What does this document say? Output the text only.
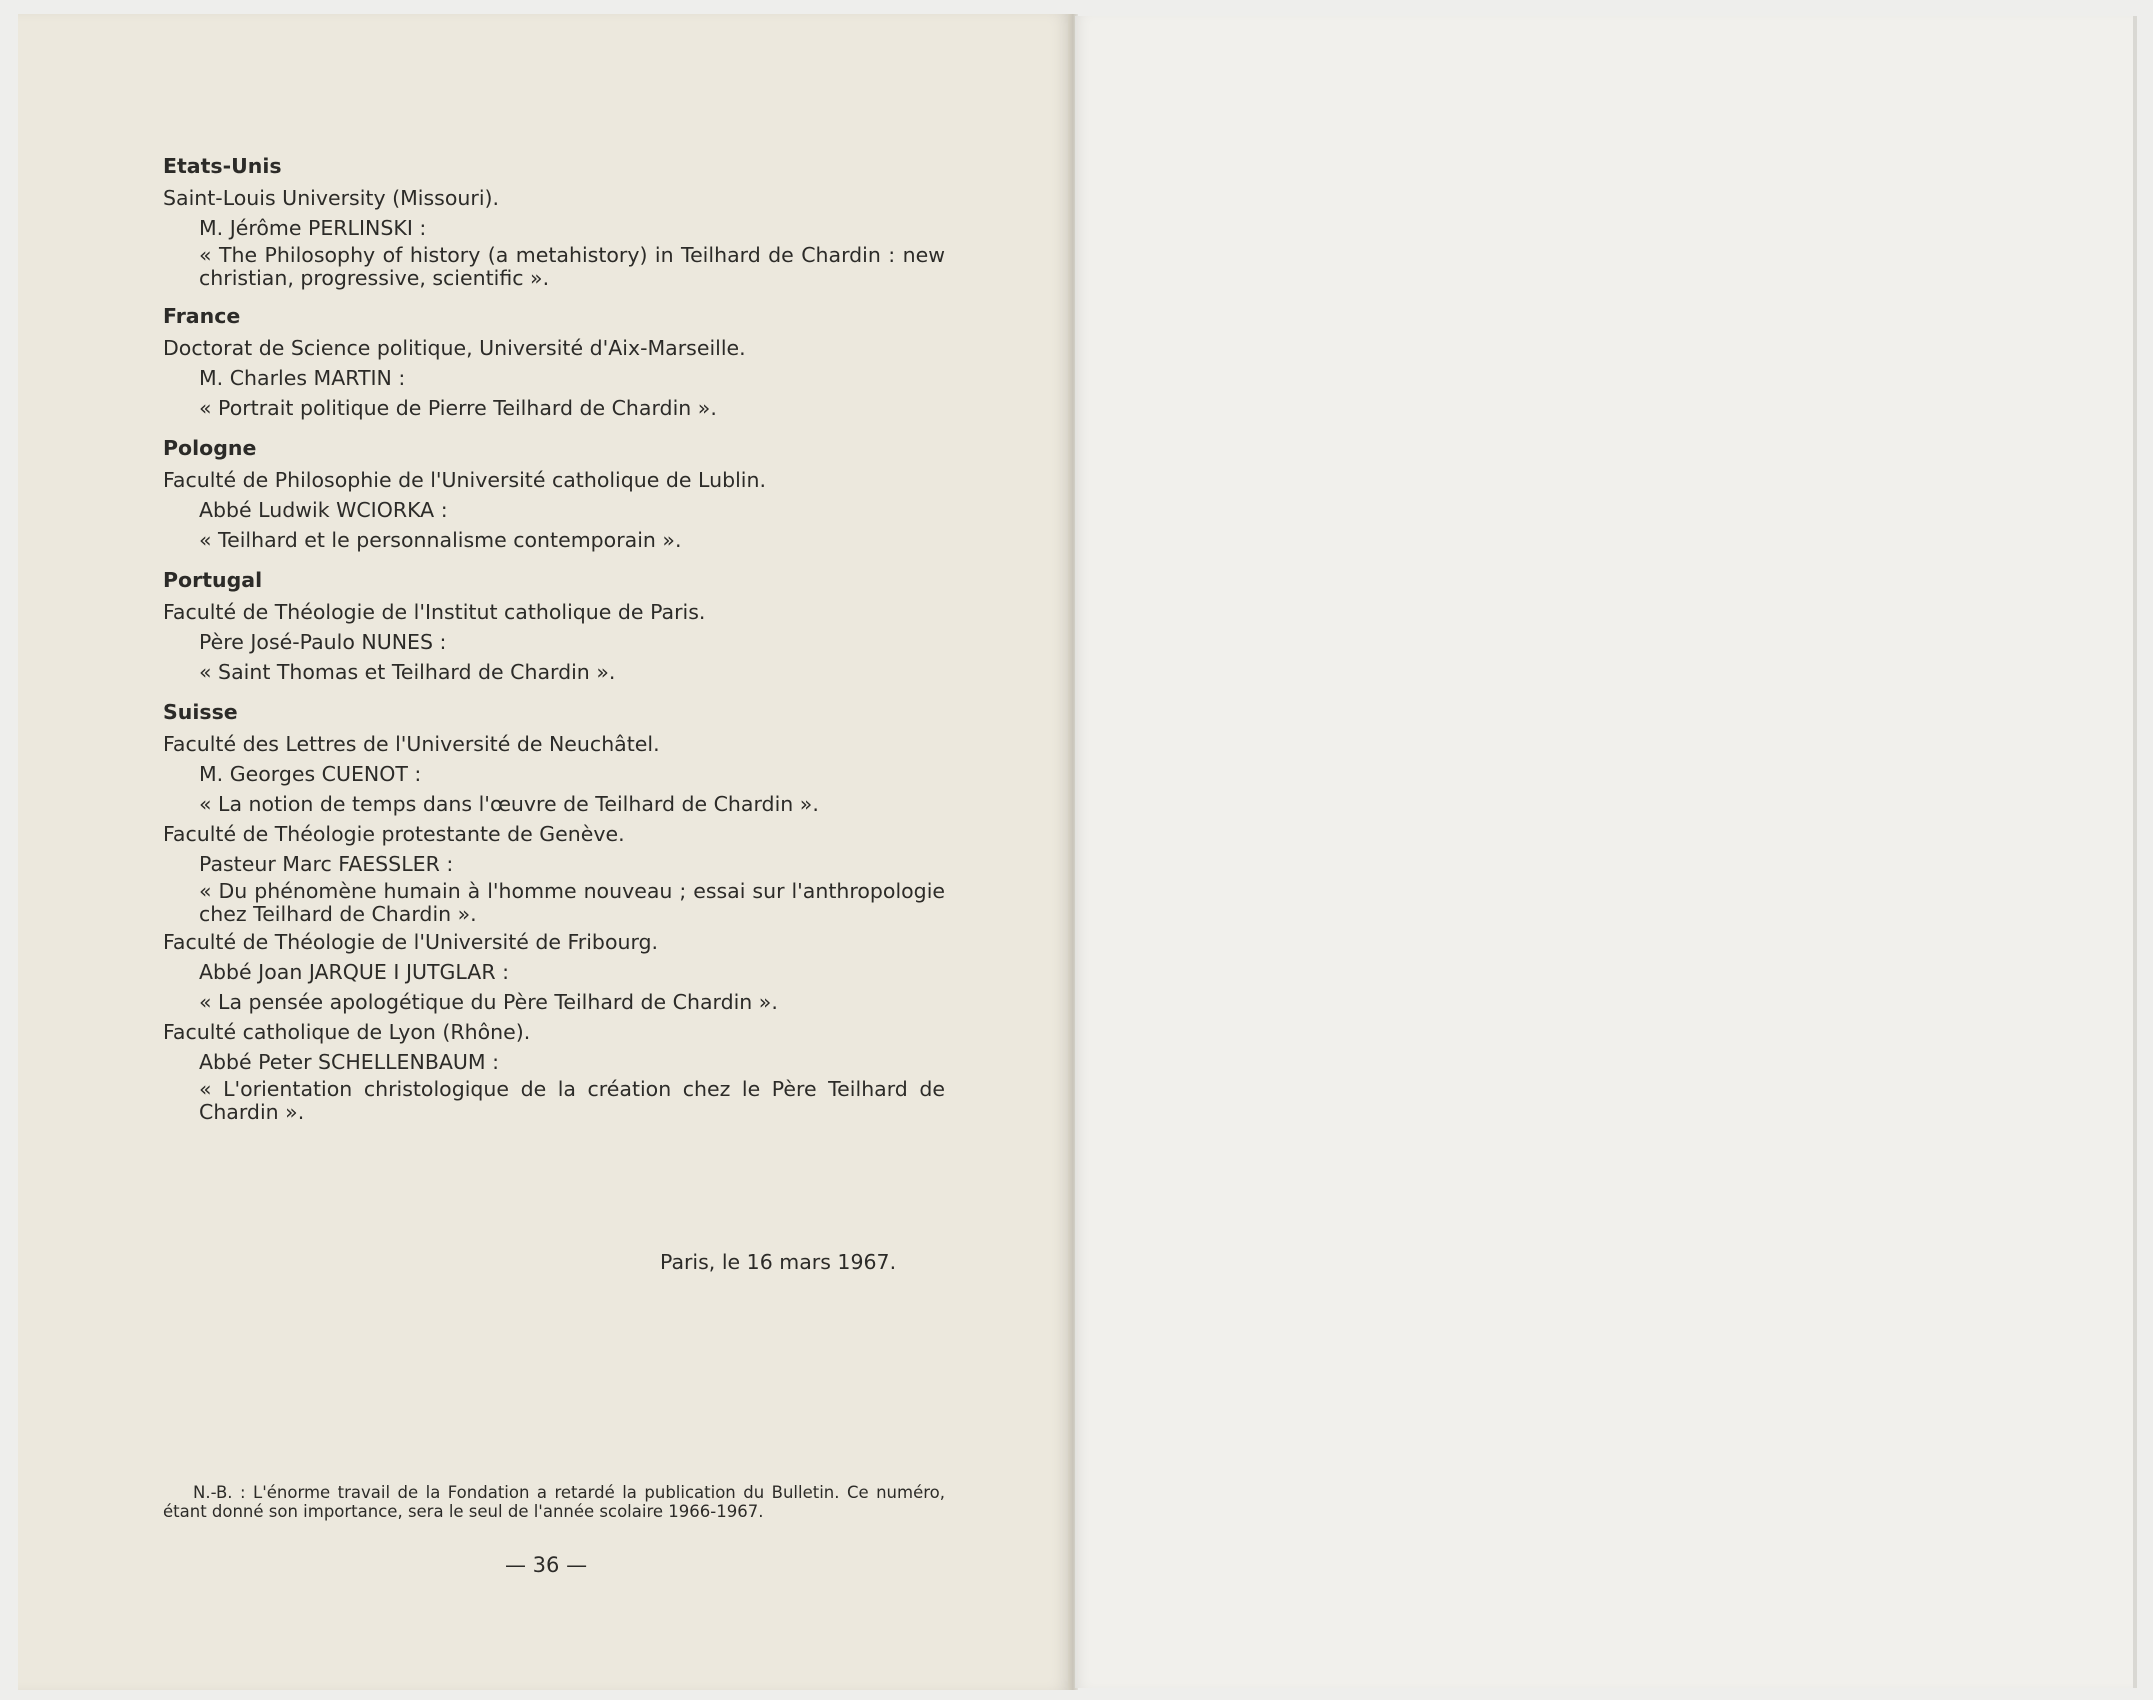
Etats-Unis
Saint-Louis University (Missouri).
M. Jérôme PERLINSKI :
« The Philosophy of history (a metahistory) in Teilhard de Chardin : new christian, progressive, scientific ».
France
Doctorat de Science politique, Université d'Aix-Marseille.
M. Charles MARTIN :
« Portrait politique de Pierre Teilhard de Chardin ».
Pologne
Faculté de Philosophie de l'Université catholique de Lublin.
Abbé Ludwik WCIORKA :
« Teilhard et le personnalisme contemporain ».
Portugal
Faculté de Théologie de l'Institut catholique de Paris.
Père José-Paulo NUNES :
« Saint Thomas et Teilhard de Chardin ».
Suisse
Faculté des Lettres de l'Université de Neuchâtel.
M. Georges CUENOT :
« La notion de temps dans l'œuvre de Teilhard de Chardin ».
Faculté de Théologie protestante de Genève.
Pasteur Marc FAESSLER :
« Du phénomène humain à l'homme nouveau ; essai sur l'anthropologie chez Teilhard de Chardin ».
Faculté de Théologie de l'Université de Fribourg.
Abbé Joan JARQUE I JUTGLAR :
« La pensée apologétique du Père Teilhard de Chardin ».
Faculté catholique de Lyon (Rhône).
Abbé Peter SCHELLENBAUM :
« L'orientation christologique de la création chez le Père Teilhard de Chardin ».
Paris, le 16 mars 1967.
N.-B. : L'énorme travail de la Fondation a retardé la publication du Bulletin. Ce numéro, étant donné son importance, sera le seul de l'année scolaire 1966-1967.
— 36 —
